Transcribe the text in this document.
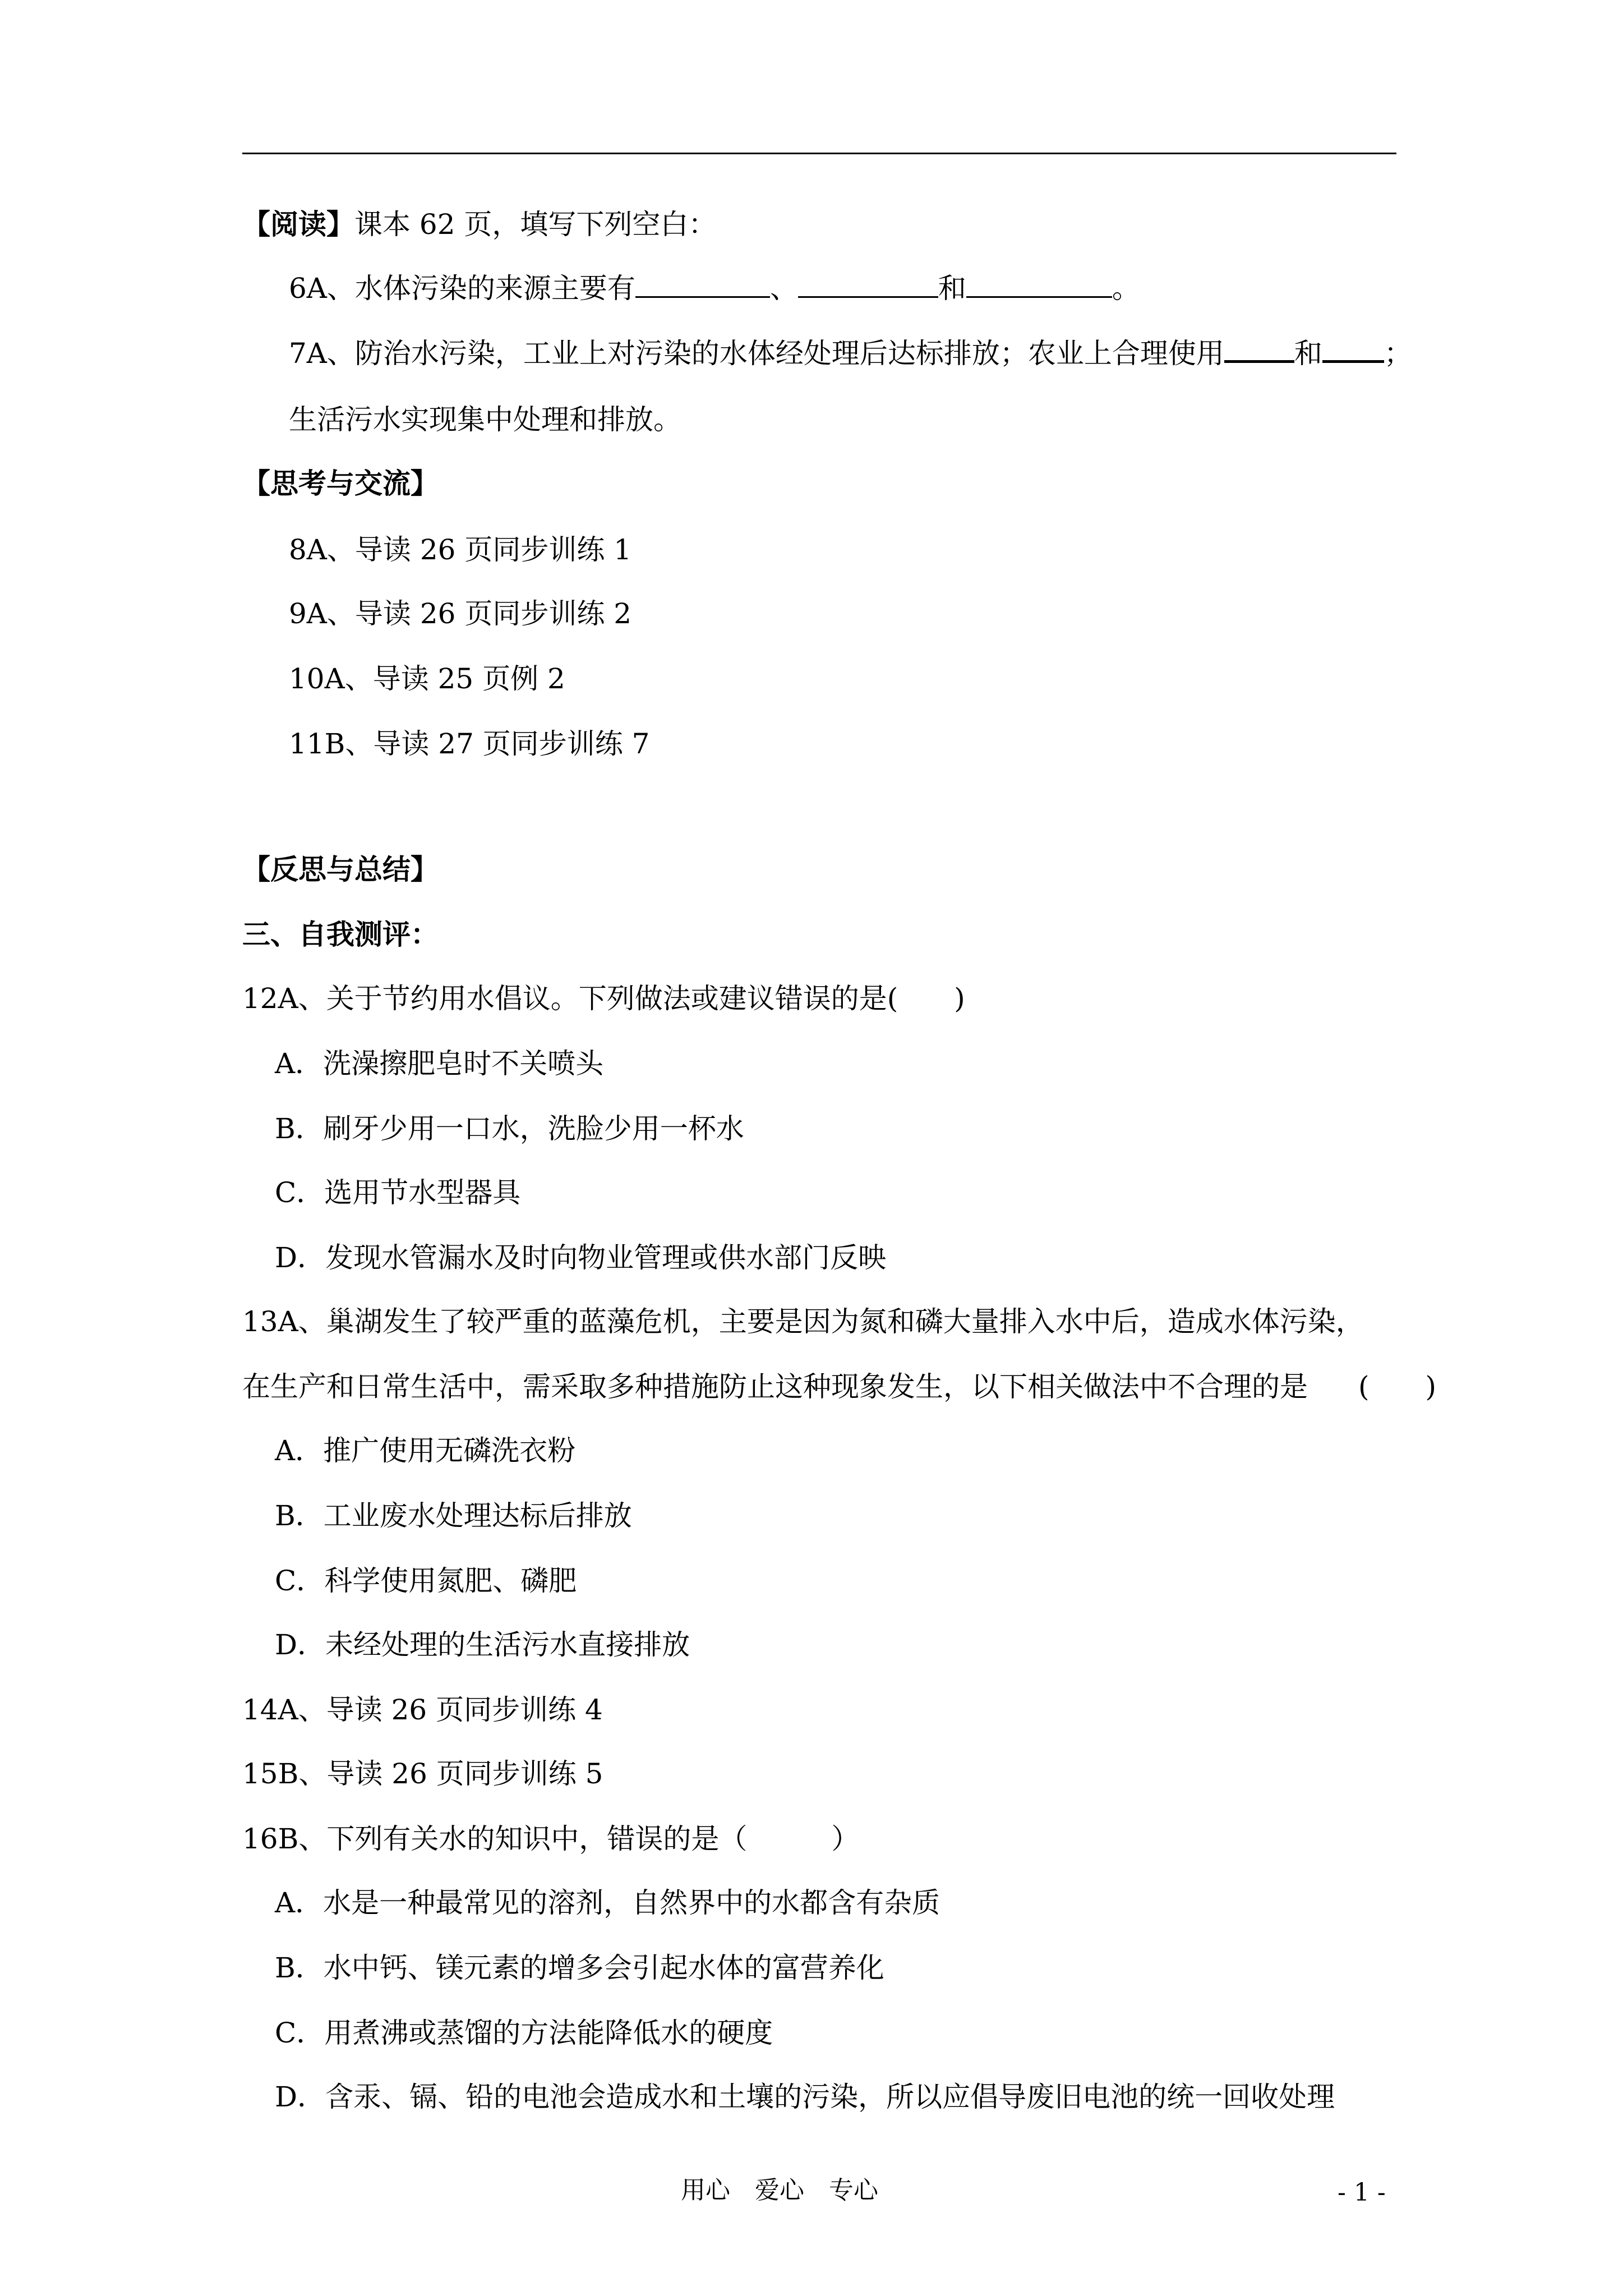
【阅读】课本 62 页，填写下列空白：
6A、水体污染的来源主要有	、	和	。
7A、防治水污染，工业上对污染的水体经处理后达标排放；农业上合理使用	和 ；
生活污水实现集中处理和排放。
【思考与交流】
8A、导读 26 页同步训练 1
9A、导读 26 页同步训练 2
10A、导读 25 页例 2
11B、导读 27 页同步训练 7
【反思与总结】
三、自我测评：
12A、关于节约用水倡议。下列做法或建议错误的是(　　)
A．洗澡擦肥皂时不关喷头
B．刷牙少用一口水，洗脸少用一杯水
C．选用节水型器具
D．发现水管漏水及时向物业管理或供水部门反映
13A、巢湖发生了较严重的蓝藻危机，主要是因为氮和磷大量排入水中后，造成水体污染，
在生产和日常生活中，需采取多种措施防止这种现象发生，以下相关做法中不合理的是 (　　)
A．推广使用无磷洗衣粉
B．工业废水处理达标后排放
C．科学使用氮肥、磷肥
D．未经处理的生活污水直接排放
14A、导读 26 页同步训练 4
15B、导读 26 页同步训练 5
16B、下列有关水的知识中，错误的是（　　　）
A．水是一种最常见的溶剂，自然界中的水都含有杂质
B．水中钙、镁元素的增多会引起水体的富营养化
C．用煮沸或蒸馏的方法能降低水的硬度
D．含汞、镉、铅的电池会造成水和土壤的污染，所以应倡导废旧电池的统一回收处理
用心 爱心 专心	- 1 -
